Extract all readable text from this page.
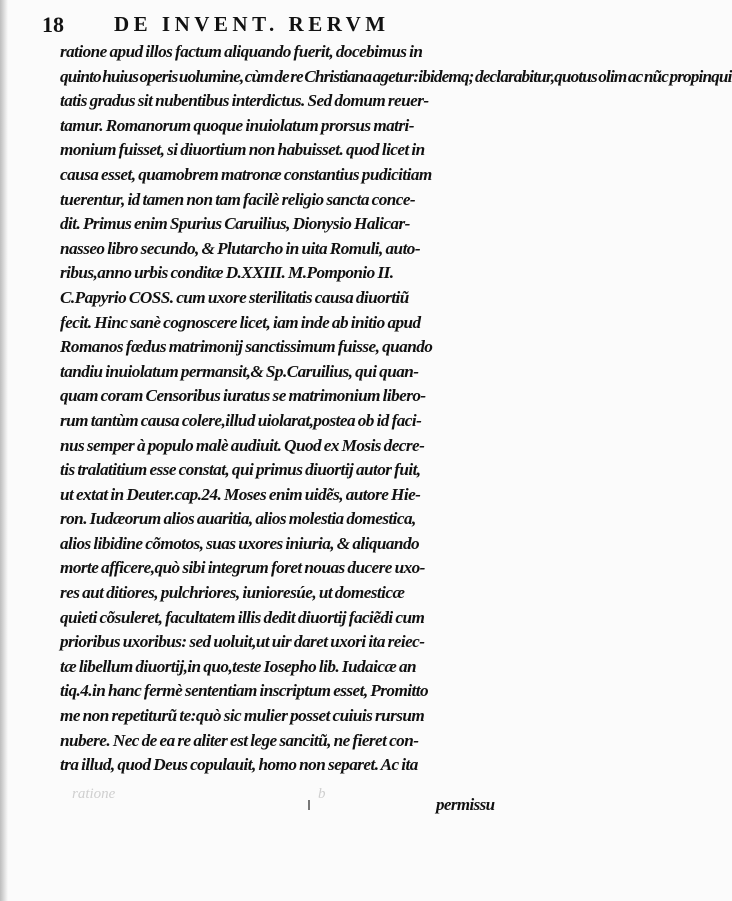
18 DE INVENT. RERVM
ratione apud illos factum aliquando fuerit, docebimus in
quinto huius operis uolumine, cùm de re Christiana agetur:ibidemq; declarabitur,quotus olim ac nũc propinqui
tatis gradus sit nubentibus interdictus. Sed domum reuer-
tamur. Romanorum quoque inuiolatum prorsus matri-
monium fuisset, si diuortium non habuisset. quod licet in
causa esset, quamobrem matronæ constantius pudicitiam
tuerentur, id tamen non tam facilè religio sancta conce-
dit. Primus enim Spurius Caruilius, Dionysio Halicar-
nasseo libro secundo, & Plutarcho in uita Romuli, auto-
ribus,anno urbis conditæ D.XXIII. M.Pomponio II.
C.Papyrio COSS. cum uxore sterilitatis causa diuortiũ
fecit. Hinc sanè cognoscere licet, iam inde ab initio apud
Romanos fœdus matrimonij sanctissimum fuisse, quando
tandiu inuiolatum permansit,& Sp.Caruilius, qui quan-
quam coram Censoribus iuratus se matrimonium libero-
rum tantùm causa colere,illud uiolarat,postea ob id faci-
nus semper à populo malè audiuit. Quod ex Mosis decre-
tis tralatitium esse constat, qui primus diuortij autor fuit,
ut extat in Deuter.cap.24. Moses enim uidẽs, autore Hie-
ron. Iudæorum alios auaritia, alios molestia domestica,
alios libidine cõmotos, suas uxores iniuria, & aliquando
morte afficere,quò sibi integrum foret nouas ducere uxo-
res aut ditiores, pulchriores, iunioresúe, ut domesticæ
quieti cõsuleret, facultatem illis dedit diuortij faciẽdi cum
prioribus uxoribus: sed uoluit,ut uir daret uxori ita reiec-
tæ libellum diuortij,in quo,teste Iosepho lib. Iudaicæ an
tiq.4.in hanc fermè sententiam inscriptum esset, Promitto
me non repetiturũ te:quò sic mulier posset cuiuis rursum
nubere. Nec de ea re aliter est lege sancitũ, ne fieret con-
tra illud, quod Deus copulauit, homo non separet. Ac ita
ratione	b
permissu
